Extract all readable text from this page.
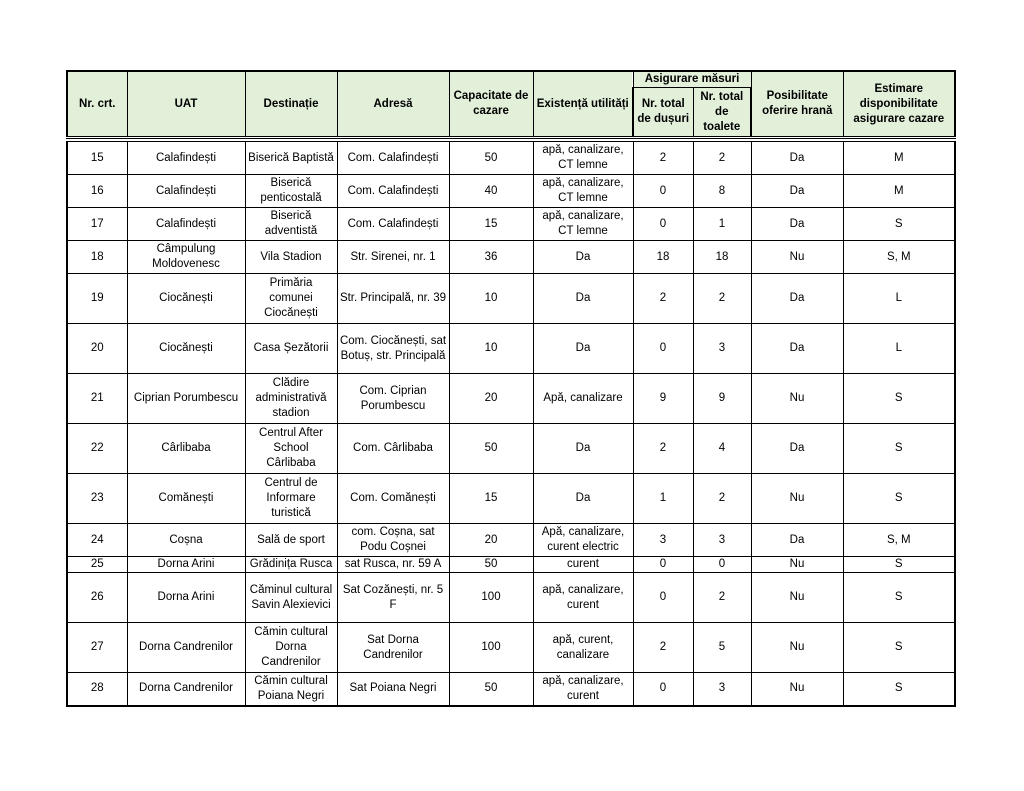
Nr. crt.	UAT	Destinație	Adresă	Capacitate de cazare	Existență utilități	Asigurare măsuri		Posibilitate oferire hrană	Estimare disponibilitate asigurare cazare
						Nr. total de dușuri	Nr. total de toalete		

15	Calafindești	Biserică Baptistă	Com. Calafindești	50	apă, canalizare, CT lemne	2	2	Da	M
16	Calafindești	Biserică penticostală	Com. Calafindești	40	apă, canalizare, CT lemne	0	8	Da	M
17	Calafindești	Biserică adventistă	Com. Calafindești	15	apă, canalizare, CT lemne	0	1	Da	S
18	Câmpulung Moldovenesc	Vila Stadion	Str. Sirenei, nr. 1	36	Da	18	18	Nu	S, M
19	Ciocănești	Primăria comunei Ciocănești	Str. Principală, nr. 39	10	Da	2	2	Da	L
20	Ciocănești	Casa Șezătorii	Com. Ciocănești, sat Botuș, str. Principală	10	Da	0	3	Da	L
21	Ciprian Porumbescu	Clădire administrativă stadion	Com. Ciprian Porumbescu	20	Apă, canalizare	9	9	Nu	S
22	Cârlibaba	Centrul After School Cârlibaba	Com. Cârlibaba	50	Da	2	4	Da	S
23	Comănești	Centrul de Informare turistică	Com. Comănești	15	Da	1	2	Nu	S
24	Coșna	Sală de sport	com. Coșna, sat Podu Coșnei	20	Apă, canalizare, curent electric	3	3	Da	S, M
25	Dorna Arini	Grădinița Rusca	sat Rusca, nr. 59 A	50	curent	0	0	Nu	S
26	Dorna Arini	Căminul cultural Savin Alexievici	Sat Cozănești, nr. 5 F	100	apă, canalizare, curent	0	2	Nu	S
27	Dorna Candrenilor	Cămin cultural Dorna Candrenilor	Sat Dorna Candrenilor	100	apă, curent, canalizare	2	5	Nu	S
28	Dorna Candrenilor	Cămin cultural Poiana Negri	Sat Poiana Negri	50	apă, canalizare, curent	0	3	Nu	S
